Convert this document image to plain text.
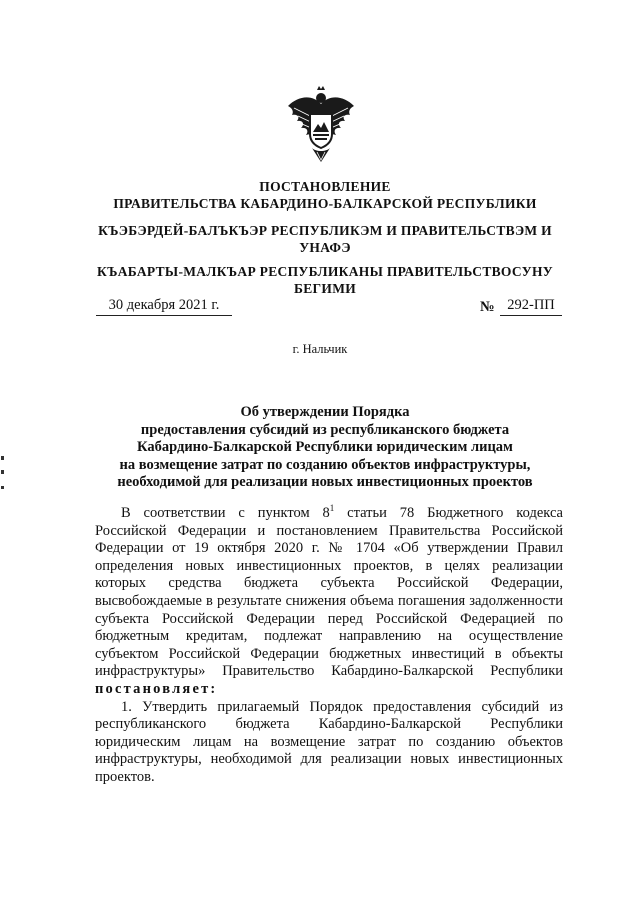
ПОСТАНОВЛЕНИЕ
ПРАВИТЕЛЬСТВА КАБАРДИНО-БАЛКАРСКОЙ РЕСПУБЛИКИ
КЪЭБЭРДЕЙ-БАЛЪКЪЭР РЕСПУБЛИКЭМ И ПРАВИТЕЛЬСТВЭМ И УНАФЭ
КЪАБАРТЫ-МАЛКЪАР РЕСПУБЛИКАНЫ ПРАВИТЕЛЬСТВОСУНУ БЕГИМИ
30 декабря 2021 г.	№ 292-ПП
г. Нальчик
Об утверждении Порядка
предоставления субсидий из республиканского бюджета
Кабардино-Балкарской Республики юридическим лицам
на возмещение затрат по созданию объектов инфраструктуры,
необходимой для реализации новых инвестиционных проектов

В соответствии с пунктом $8^1$ статьи 78 Бюджетного кодекса Российской Федерации и постановлением Правительства Российской Федерации от 19 октября 2020 г. № 1704 «Об утверждении Правил определения новых инвестиционных проектов, в целях реализации которых средства бюджета субъекта Российской Федерации, высвобождаемые в результате снижения объема погашения задолженности субъекта Российской Федерации перед Российской Федерацией по бюджетным кредитам, подлежат направлению на осуществление субъектом Российской Федерации бюджетных инвестиций в объекты инфраструктуры» Правительство Кабардино-Балкарской Республики постановляет:

1. Утвердить прилагаемый Порядок предоставления субсидий из республиканского бюджета Кабардино-Балкарской Республики юридическим лицам на возмещение затрат по созданию объектов инфраструктуры, необходимой для реализации новых инвестиционных проектов.
